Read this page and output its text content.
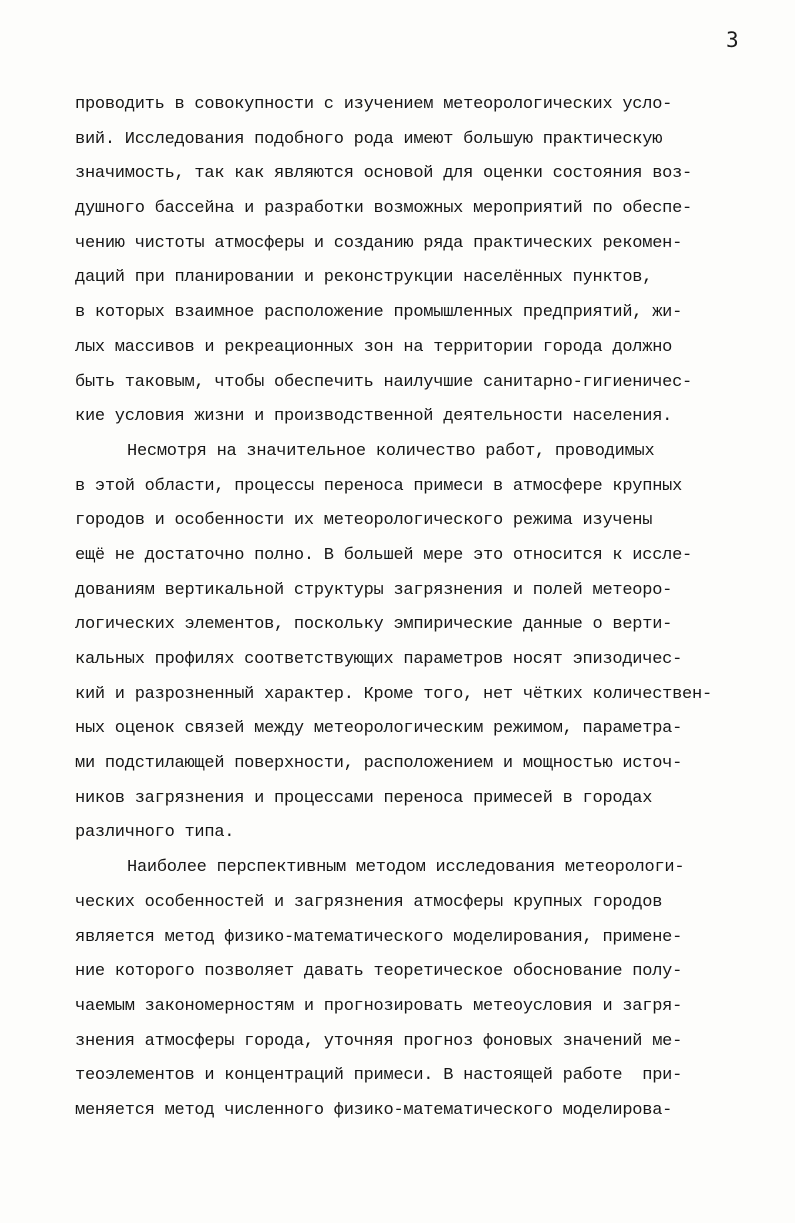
3
проводить в совокупности с изучением метеорологических усло-
вий. Исследования подобного рода имеют большую практическую
значимость, так как являются основой для оценки состояния воз-
душного бассейна и разработки возможных мероприятий по обеспе-
чению чистоты атмосферы и созданию ряда практических рекомен-
даций при планировании и реконструкции населённых пунктов,
в которых взаимное расположение промышленных предприятий, жи-
лых массивов и рекреационных зон на территории города должно
быть таковым, чтобы обеспечить наилучшие санитарно-гигиеничес-
кие условия жизни и производственной деятельности населения.
Несмотря на значительное количество работ, проводимых
в этой области, процессы переноса примеси в атмосфере крупных
городов и особенности их метеорологического режима изучены
ещё не достаточно полно. В большей мере это относится к иссле-
дованиям вертикальной структуры загрязнения и полей метеоро-
логических элементов, поскольку эмпирические данные о верти-
кальных профилях соответствующих параметров носят эпизодичес-
кий и разрозненный характер. Кроме того, нет чётких количествен-
ных оценок связей между метеорологическим режимом, параметра-
ми подстилающей поверхности, расположением и мощностью источ-
ников загрязнения и процессами переноса примесей в городах
различного типа.
Наиболее перспективным методом исследования метеорологи-
ческих особенностей и загрязнения атмосферы крупных городов
является метод физико-математического моделирования, примене-
ние которого позволяет давать теоретическое обоснование полу-
чаемым закономерностям и прогнозировать метеоусловия и загря-
знения атмосферы города, уточняя прогноз фоновых значений ме-
теоэлементов и концентраций примеси. В настоящей работе  при-
меняется метод численного физико-математического моделирова-
